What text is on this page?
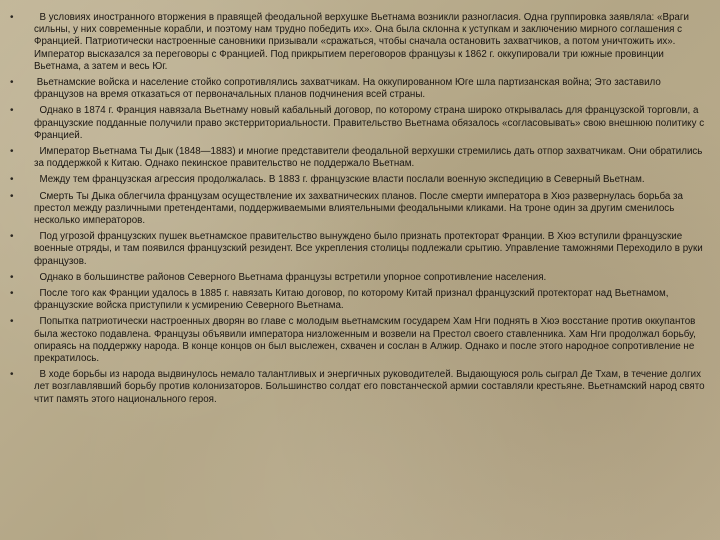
• В условиях иностранного вторжения в правящей феодальной верхушке Вьетнама возникли разногласия. Одна группировка заявляла: «Враги сильны, у них современные корабли, и поэтому нам трудно победить их». Она была склонна к уступкам и заключению мирного соглашения с Францией. Патриотически настроенные сановники призывали «сражаться, чтобы сначала остановить захватчиков, а потом уничтожить их». Император высказался за переговоры с Францией. Под прикрытием переговоров французы к 1862 г. оккупировали три южные провинции Вьетнама, а затем и весь Юг.
• Вьетнамские войска и население стойко сопротивлялись захватчикам. На оккупированном Юге шла партизанская война; Это заставило французов на время отказаться от первоначальных планов подчинения всей страны.
• Однако в 1874 г. Франция навязала Вьетнаму новый кабальный договор, по которому страна широко открывалась для французской торговли, а французские подданные получили право экстерриториальности. Правительство Вьетнама обязалось «согласовывать» свою внешнюю политику с Францией.
• Император Вьетнама Ты Дык (1848—1883) и многие представители феодальной верхушки стремились дать отпор захватчикам. Они обратились за поддержкой к Китаю. Однако пекинское правительство не поддержало Вьетнам.
• Между тем французская агрессия продолжалась. В 1883 г. французские власти послали военную экспедицию в Северный Вьетнам.
• Смерть Ты Дыка облегчила французам осуществление их захватнических планов. После смерти императора в Хюэ развернулась борьба за престол между различными претендентами, поддерживаемыми влиятельными феодальными кликами. На троне один за другим сменилось несколько императоров.
• Под угрозой французских пушек вьетнамское правительство вынуждено было признать протекторат Франции. В Хюэ вступили французские военные отряды, и там появился французский резидент. Все укрепления столицы подлежали срытию. Управление таможнями Переходило в руки французов.
• Однако в большинстве районов Северного Вьетнама французы встретили упорное сопротивление населения.
• После того как Франции удалось в 1885 г. навязать Китаю договор, по которому Китай признал французский протекторат над Вьетнамом, французские войска приступили к усмирению Северного Вьетнама.
• Попытка патриотически настроенных дворян во главе с молодым вьетнамским государем Хам Нги поднять в Хюэ восстание против оккупантов была жестоко подавлена. Французы объявили императора низложенным и возвели на Престол своего ставленника. Хам Нги продолжал борьбу, опираясь на поддержку народа. В конце концов он был выслежен, схвачен и сослан в Алжир. Однако и после этого народное сопротивление не прекратилось.
• В ходе борьбы из народа выдвинулось немало талантливых и энергичных руководителей. Выдающуюся роль сыграл Де Тхам, в течение долгих лет возглавлявший борьбу против колонизаторов. Большинство солдат его повстанческой армии составляли крестьяне. Вьетнамский народ свято чтит память этого национального героя.
